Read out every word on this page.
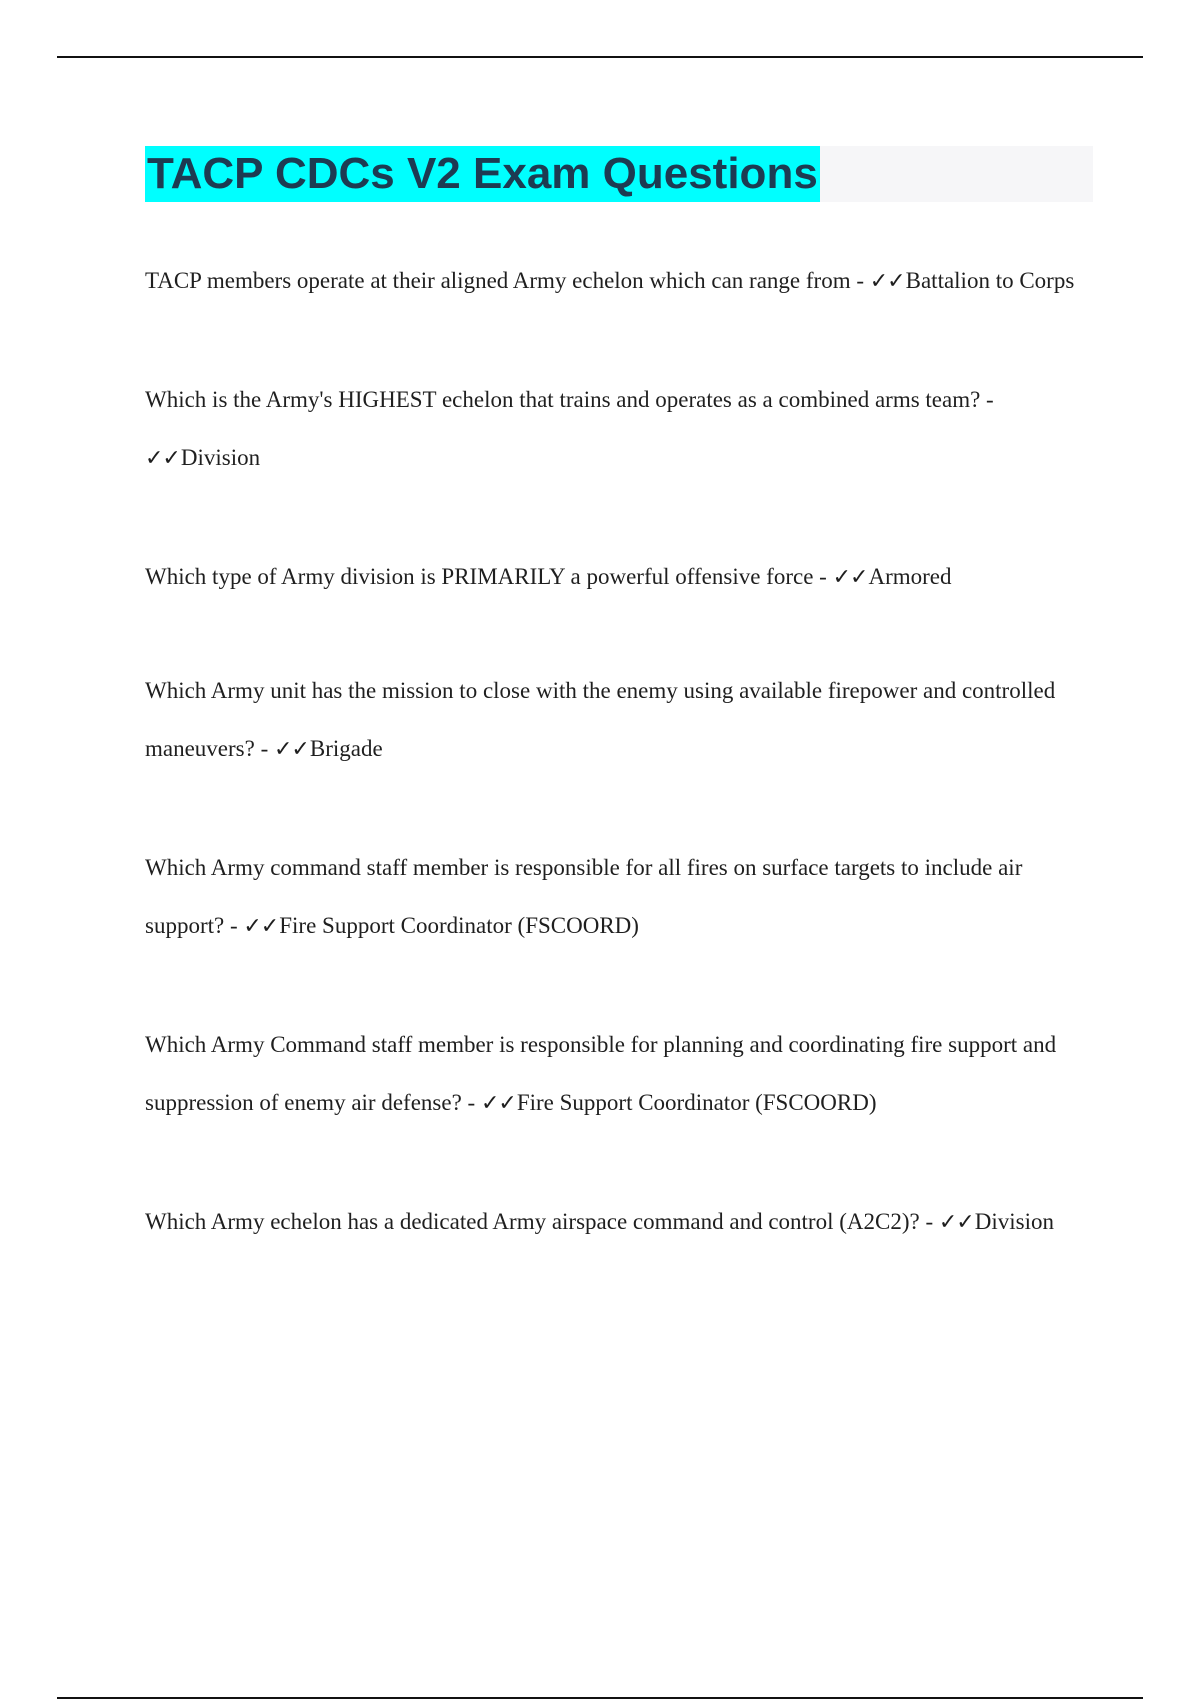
TACP CDCs V2 Exam Questions
TACP members operate at their aligned Army echelon which can range from - ✓✓Battalion to Corps
Which is the Army's HIGHEST echelon that trains and operates as a combined arms team? - ✓✓Division
Which type of Army division is PRIMARILY a powerful offensive force - ✓✓Armored
Which Army unit has the mission to close with the enemy using available firepower and controlled maneuvers? - ✓✓Brigade
Which Army command staff member is responsible for all fires on surface targets to include air support? - ✓✓Fire Support Coordinator (FSCOORD)
Which Army Command staff member is responsible for planning and coordinating fire support and suppression of enemy air defense? - ✓✓Fire Support Coordinator (FSCOORD)
Which Army echelon has a dedicated Army airspace command and control (A2C2)? - ✓✓Division
